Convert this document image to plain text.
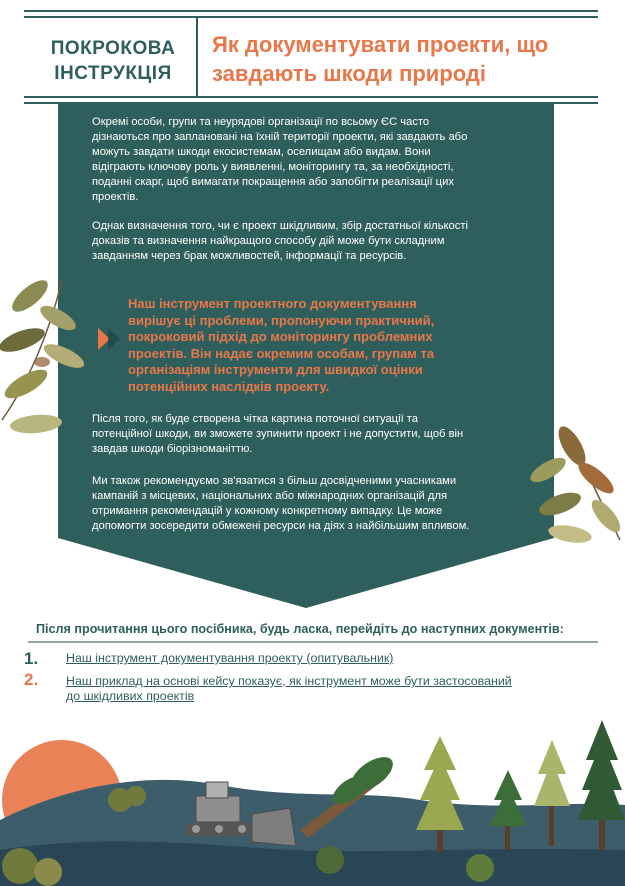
ПОКРОКОВА
ІНСТРУКЦІЯ
Як документувати проекти, що
завдають шкоди природі

Окремі особи, групи та неурядові організації по всьому ЄС часто

дізнаються про заплановані на їхній території проекти, які завдають або

можуть завдати шкоди екосистемам, оселищам або видам. Вони

відіграють ключову роль у виявленні, моніторингу та, за необхідності,

поданні скарг, щоб вимагати покращення або запобігти реалізації цих

проектів.

Однак визначення того, чи є проект шкідливим, збір достатньої кількості

доказів та визначення найкращого способу дій може бути складним

завданням через брак можливостей, інформації та ресурсів.

Наш інструмент проектного документування
вирішує ці проблеми, пропонуючи практичний,
покроковий підхід до моніторингу проблемних
проектів. Він надає окремим особам, групам та
організаціям інструменти для швидкої оцінки
потенційних наслідків проекту.

Після того, як буде створена чітка картина поточної ситуації та

потенційної шкоди, ви зможете зупинити проект і не допустити, щоб він

завдав шкоди біорізноманіттю.

Ми також рекомендуємо зв'язатися з більш досвідченими учасниками

кампаній з місцевих, національних або міжнародних організацій для

отримання рекомендацій у кожному конкретному випадку. Це може

допомогти зосередити обмежені ресурси на діях з найбільшим впливом.

Після прочитання цього посібника, будь ласка, перейдіть до наступних документів:
1. Наш інструмент документування проекту (опитувальник)
2. Наш приклад на основі кейсу показує, як інструмент може бути застосований
до шкідливих проектів
